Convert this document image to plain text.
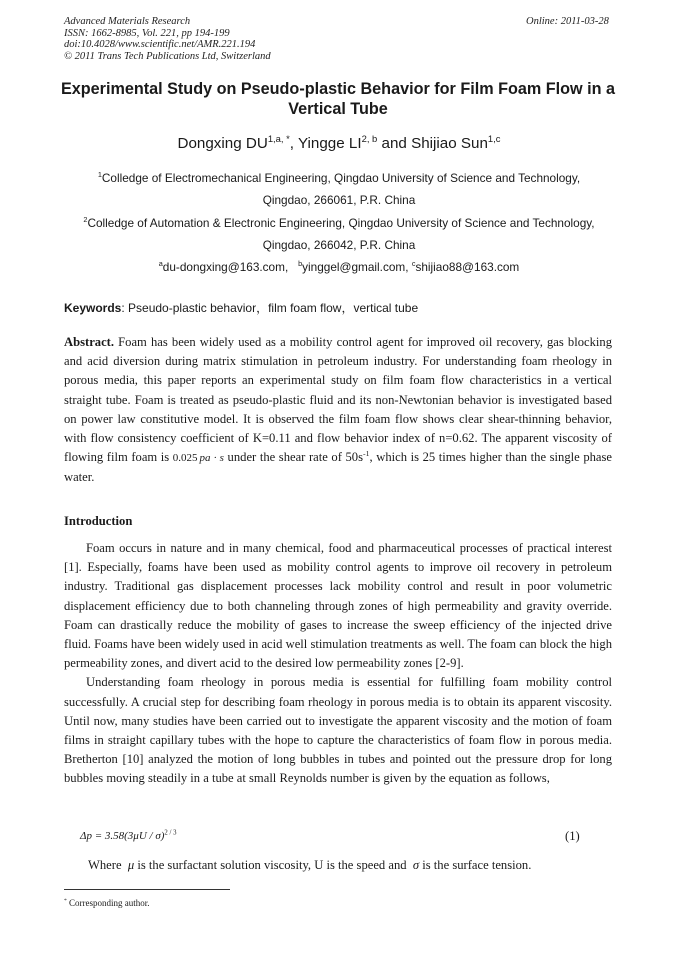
Advanced Materials Research
ISSN: 1662-8985, Vol. 221, pp 194-199
doi:10.4028/www.scientific.net/AMR.221.194
© 2011 Trans Tech Publications Ltd, Switzerland
Online: 2011-03-28
Experimental Study on Pseudo-plastic Behavior for Film Foam Flow in a
Vertical Tube
Dongxing $DU^{1,a, *}$, Yingge LI$^{2, b}$ and Shijiao Sun$^{1,c}$
$^1$Colledge of Electromechanical Engineering, Qingdao University of Science and Technology,
Qingdao, 266061, P.R. China
$^2$Colledge of Automation & Electronic Engineering, Qingdao University of Science and Technology,
Qingdao, 266042, P.R. China
$^a$du-dongxing@163.com, $^b$yinggel@gmail.com, $^c$shijiao88@163.com
Keywords: Pseudo-plastic behavior，film foam flow，vertical tube
Abstract. Foam has been widely used as a mobility control agent for improved oil recovery, gas blocking and acid diversion during matrix stimulation in petroleum industry. For understanding foam rheology in porous media, this paper reports an experimental study on film foam flow characteristics in a vertical straight tube. Foam is treated as pseudo-plastic fluid and its non-Newtonian behavior is investigated based on power law constitutive model. It is observed the film foam flow shows clear shear-thinning behavior, with flow consistency coefficient of K=0.11 and flow behavior index of n=0.62. The apparent viscosity of flowing film foam is 0.025 pa · s under the shear rate of $50s^{-1}$, which is 25 times higher than the single phase water.
Introduction

Foam occurs in nature and in many chemical, food and pharmaceutical processes of practical interest [1]. Especially, foams have been used as mobility control agents to improve oil recovery in petroleum industry. Traditional gas displacement processes lack mobility control and result in poor volumetric displacement efficiency due to both channeling through zones of high permeability and gravity override. Foam can drastically reduce the mobility of gases to increase the sweep efficiency of the injected drive fluid. Foams have been widely used in acid well stimulation treatments as well. The foam can block the high permeability zones, and divert acid to the desired low permeability zones [2-9].

Understanding foam rheology in porous media is essential for fulfilling foam mobility control successfully. A crucial step for describing foam rheology in porous media is to obtain its apparent viscosity. Until now, many studies have been carried out to investigate the apparent viscosity and the motion of foam films in straight capillary tubes with the hope to capture the characteristics of foam flow in porous media. Bretherton [10] analyzed the motion of long bubbles in tubes and pointed out the pressure drop for long bubbles moving steadily in a tube at small Reynolds number is given by the equation as follows,

Δp = 3.58(3μU / σ)$^{2 / 3}$	(1)

Where  μ is the surfactant solution viscosity, U is the speed and  σ is the surface tension.

* Corresponding author.
